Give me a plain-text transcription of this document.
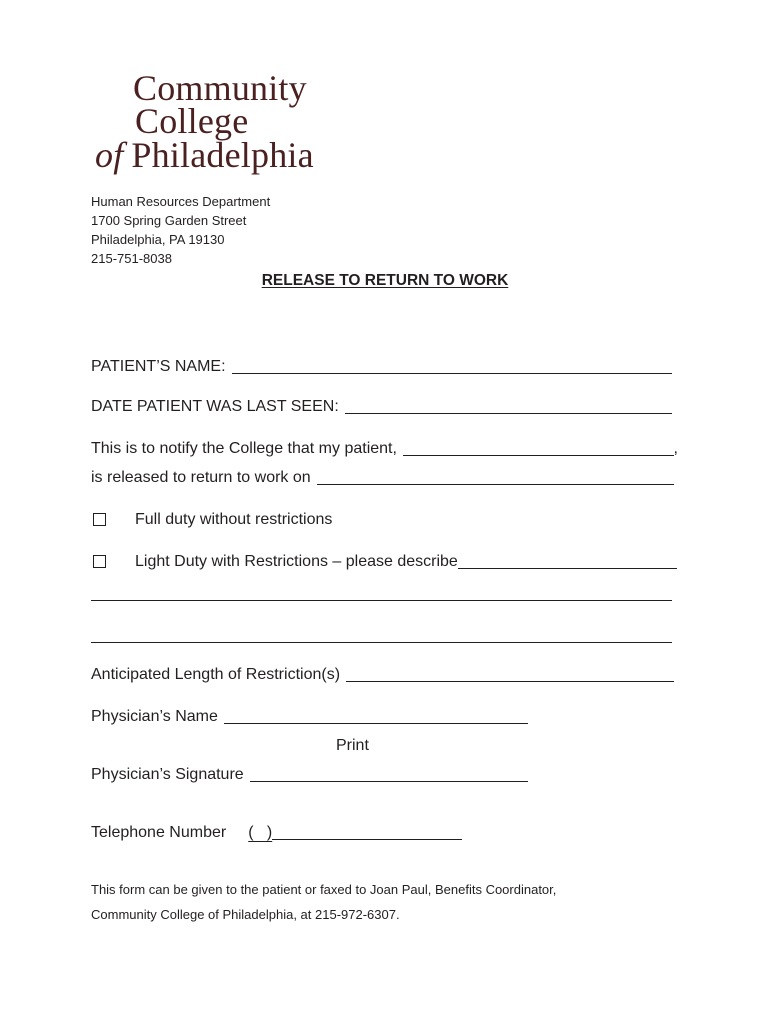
Community
College
of Philadelphia
Human Resources Department
1700 Spring Garden Street
Philadelphia, PA 19130
215-751-8038
RELEASE TO RETURN TO WORK
PATIENT’S NAME:
DATE PATIENT WAS LAST SEEN:
This is to notify the College that my patient,	,
is released to return to work on
Full duty without restrictions
Light Duty with Restrictions – please describe
Anticipated Length of Restriction(s)
Physician’s Name
Print
Physician’s Signature
Telephone Number (   )
This form can be given to the patient or faxed to Joan Paul, Benefits Coordinator,
Community College of Philadelphia, at 215-972-6307.
